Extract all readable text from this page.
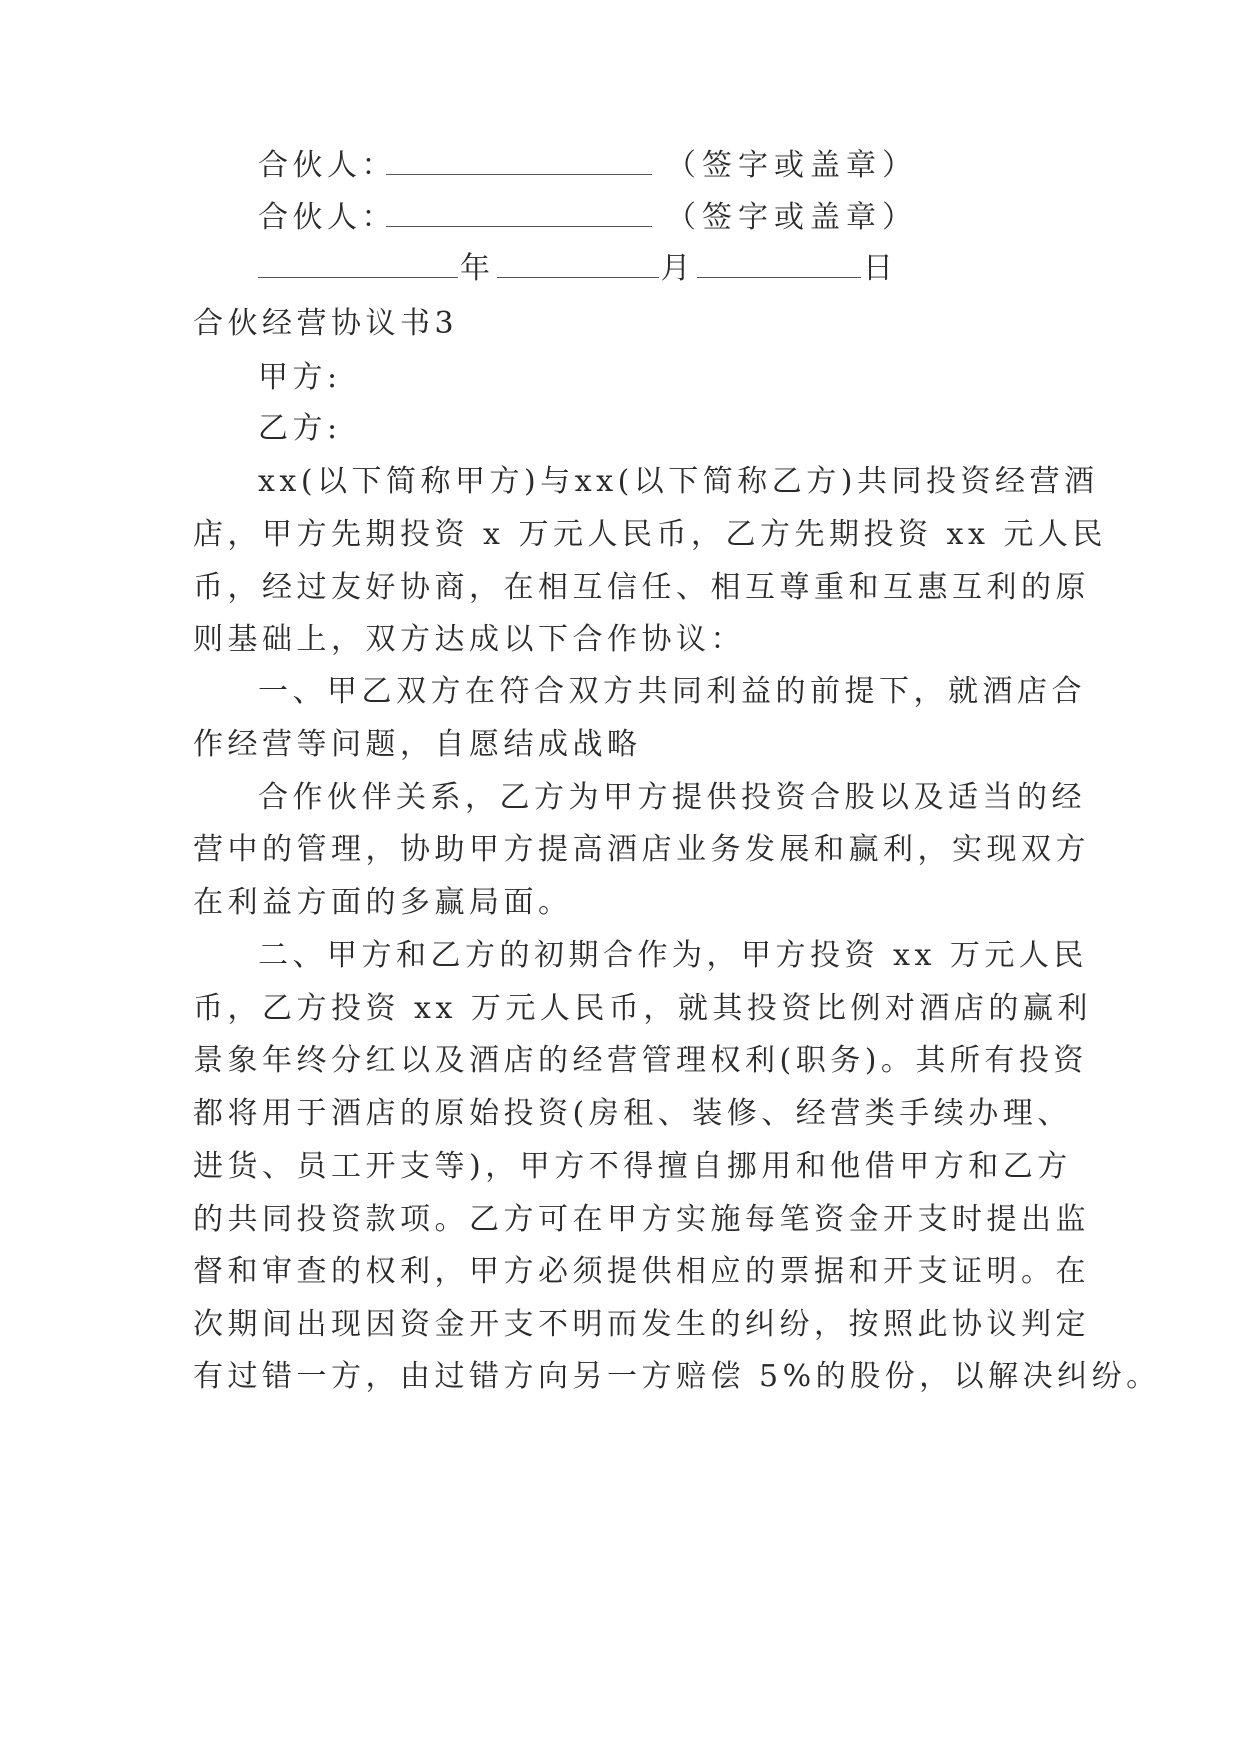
合伙人：	（签字或盖章）
合伙人：	（签字或盖章）
年	月	日
合伙经营协议书3
甲方:
乙方:
xx(以下简称甲方)与xx(以下简称乙方)共同投资经营酒
店，甲方先期投资 x 万元人民币，乙方先期投资 xx 元人民
币，经过友好协商，在相互信任、相互尊重和互惠互利的原
则基础上，双方达成以下合作协议：
一、甲乙双方在符合双方共同利益的前提下，就酒店合
作经营等问题，自愿结成战略
合作伙伴关系，乙方为甲方提供投资合股以及适当的经
营中的管理，协助甲方提高酒店业务发展和赢利，实现双方
在利益方面的多赢局面。
二、甲方和乙方的初期合作为，甲方投资 xx 万元人民
币，乙方投资 xx 万元人民币，就其投资比例对酒店的赢利
景象年终分红以及酒店的经营管理权利(职务)。其所有投资
都将用于酒店的原始投资(房租、装修、经营类手续办理、
进货、员工开支等)，甲方不得擅自挪用和他借甲方和乙方
的共同投资款项。乙方可在甲方实施每笔资金开支时提出监
督和审查的权利，甲方必须提供相应的票据和开支证明。在
次期间出现因资金开支不明而发生的纠纷，按照此协议判定
有过错一方，由过错方向另一方赔偿 5%的股份，以解决纠纷。
